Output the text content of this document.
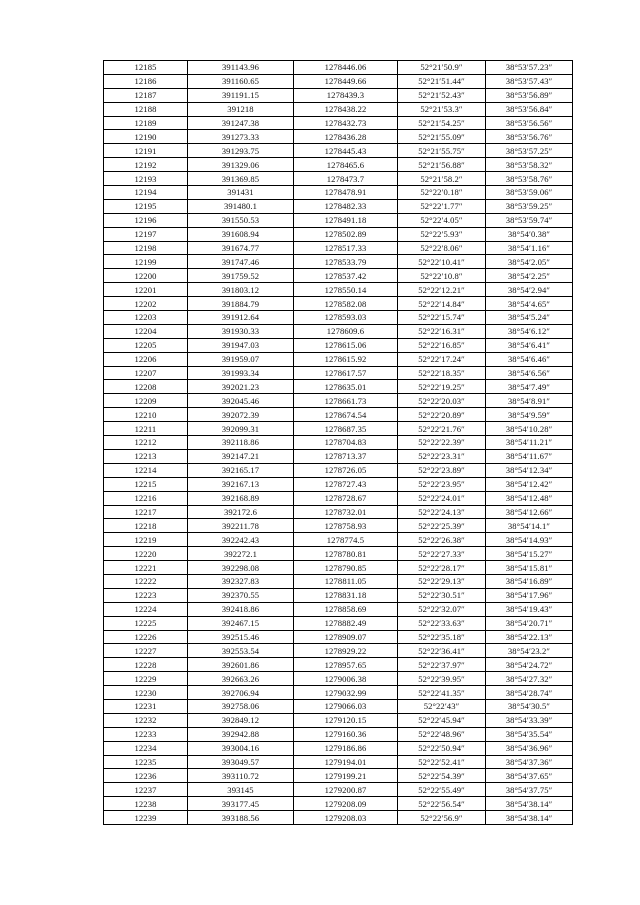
12185	391143.96	1278446.06	52°21′50.9″	38°53′57.23″
12186	391160.65	1278449.66	52°21′51.44″	38°53′57.43″
12187	391191.15	1278439.3	52°21′52.43″	38°53′56.89″
12188	391218	1278438.22	52°21′53.3″	38°53′56.84″
12189	391247.38	1278432.73	52°21′54.25″	38°53′56.56″
12190	391273.33	1278436.28	52°21′55.09″	38°53′56.76″
12191	391293.75	1278445.43	52°21′55.75″	38°53′57.25″
12192	391329.06	1278465.6	52°21′56.88″	38°53′58.32″
12193	391369.85	1278473.7	52°21′58.2″	38°53′58.76″
12194	391431	1278478.91	52°22′0.18″	38°53′59.06″
12195	391480.1	1278482.33	52°22′1.77″	38°53′59.25″
12196	391550.53	1278491.18	52°22′4.05″	38°53′59.74″
12197	391608.94	1278502.89	52°22′5.93″	38°54′0.38″
12198	391674.77	1278517.33	52°22′8.06″	38°54′1.16″
12199	391747.46	1278533.79	52°22′10.41″	38°54′2.05″
12200	391759.52	1278537.42	52°22′10.8″	38°54′2.25″
12201	391803.12	1278550.14	52°22′12.21″	38°54′2.94″
12202	391884.79	1278582.08	52°22′14.84″	38°54′4.65″
12203	391912.64	1278593.03	52°22′15.74″	38°54′5.24″
12204	391930.33	1278609.6	52°22′16.31″	38°54′6.12″
12205	391947.03	1278615.06	52°22′16.85″	38°54′6.41″
12206	391959.07	1278615.92	52°22′17.24″	38°54′6.46″
12207	391993.34	1278617.57	52°22′18.35″	38°54′6.56″
12208	392021.23	1278635.01	52°22′19.25″	38°54′7.49″
12209	392045.46	1278661.73	52°22′20.03″	38°54′8.91″
12210	392072.39	1278674.54	52°22′20.89″	38°54′9.59″
12211	392099.31	1278687.35	52°22′21.76″	38°54′10.28″
12212	392118.86	1278704.83	52°22′22.39″	38°54′11.21″
12213	392147.21	1278713.37	52°22′23.31″	38°54′11.67″
12214	392165.17	1278726.05	52°22′23.89″	38°54′12.34″
12215	392167.13	1278727.43	52°22′23.95″	38°54′12.42″
12216	392168.89	1278728.67	52°22′24.01″	38°54′12.48″
12217	392172.6	1278732.01	52°22′24.13″	38°54′12.66″
12218	392211.78	1278758.93	52°22′25.39″	38°54′14.1″
12219	392242.43	1278774.5	52°22′26.38″	38°54′14.93″
12220	392272.1	1278780.81	52°22′27.33″	38°54′15.27″
12221	392298.08	1278790.85	52°22′28.17″	38°54′15.81″
12222	392327.83	1278811.05	52°22′29.13″	38°54′16.89″
12223	392370.55	1278831.18	52°22′30.51″	38°54′17.96″
12224	392418.86	1278858.69	52°22′32.07″	38°54′19.43″
12225	392467.15	1278882.49	52°22′33.63″	38°54′20.71″
12226	392515.46	1278909.07	52°22′35.18″	38°54′22.13″
12227	392553.54	1278929.22	52°22′36.41″	38°54′23.2″
12228	392601.86	1278957.65	52°22′37.97″	38°54′24.72″
12229	392663.26	1279006.38	52°22′39.95″	38°54′27.32″
12230	392706.94	1279032.99	52°22′41.35″	38°54′28.74″
12231	392758.06	1279066.03	52°22′43″	38°54′30.5″
12232	392849.12	1279120.15	52°22′45.94″	38°54′33.39″
12233	392942.88	1279160.36	52°22′48.96″	38°54′35.54″
12234	393004.16	1279186.86	52°22′50.94″	38°54′36.96″
12235	393049.57	1279194.01	52°22′52.41″	38°54′37.36″
12236	393110.72	1279199.21	52°22′54.39″	38°54′37.65″
12237	393145	1279200.87	52°22′55.49″	38°54′37.75″
12238	393177.45	1279208.09	52°22′56.54″	38°54′38.14″
12239	393188.56	1279208.03	52°22′56.9″	38°54′38.14″
